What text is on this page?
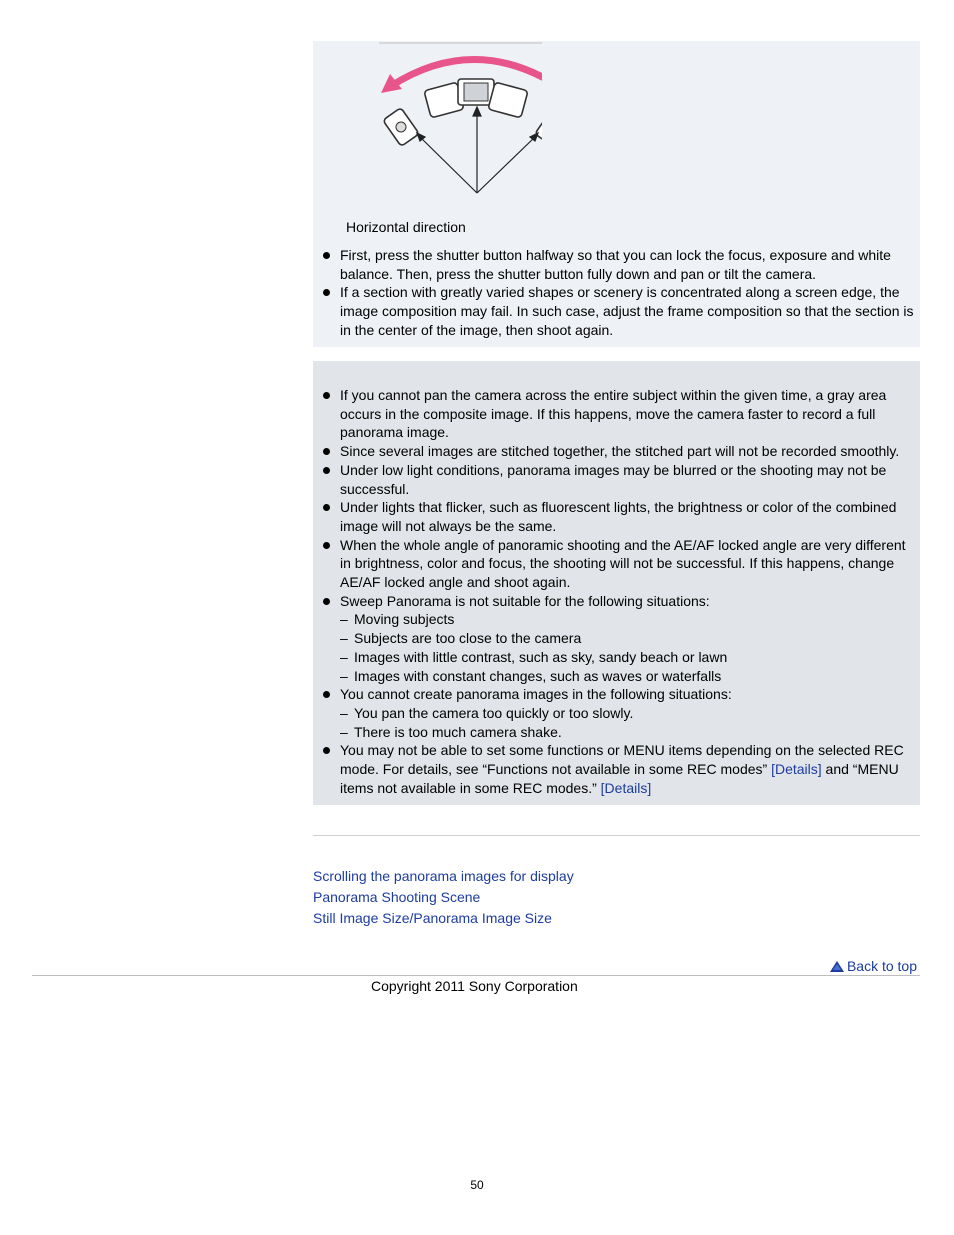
Horizontal direction
First, press the shutter button halfway so that you can lock the focus, exposure and white balance. Then, press the shutter button fully down and pan or tilt the camera.
If a section with greatly varied shapes or scenery is concentrated along a screen edge, the image composition may fail. In such case, adjust the frame composition so that the section is in the center of the image, then shoot again.
If you cannot pan the camera across the entire subject within the given time, a gray area occurs in the composite image. If this happens, move the camera faster to record a full panorama image.
Since several images are stitched together, the stitched part will not be recorded smoothly.
Under low light conditions, panorama images may be blurred or the shooting may not be successful.
Under lights that flicker, such as fluorescent lights, the brightness or color of the combined image will not always be the same.
When the whole angle of panoramic shooting and the AE/AF locked angle are very different in brightness, color and focus, the shooting will not be successful. If this happens, change AE/AF locked angle and shoot again.
Sweep Panorama is not suitable for the following situations:
– Moving subjects
– Subjects are too close to the camera
– Images with little contrast, such as sky, sandy beach or lawn
– Images with constant changes, such as waves or waterfalls
You cannot create panorama images in the following situations:
– You pan the camera too quickly or too slowly.
– There is too much camera shake.
You may not be able to set some functions or MENU items depending on the selected REC mode. For details, see “Functions not available in some REC modes” [Details] and “MENU items not available in some REC modes.” [Details]
Scrolling the panorama images for display
Panorama Shooting Scene
Still Image Size/Panorama Image Size
Back to top
Copyright 2011 Sony Corporation
50
